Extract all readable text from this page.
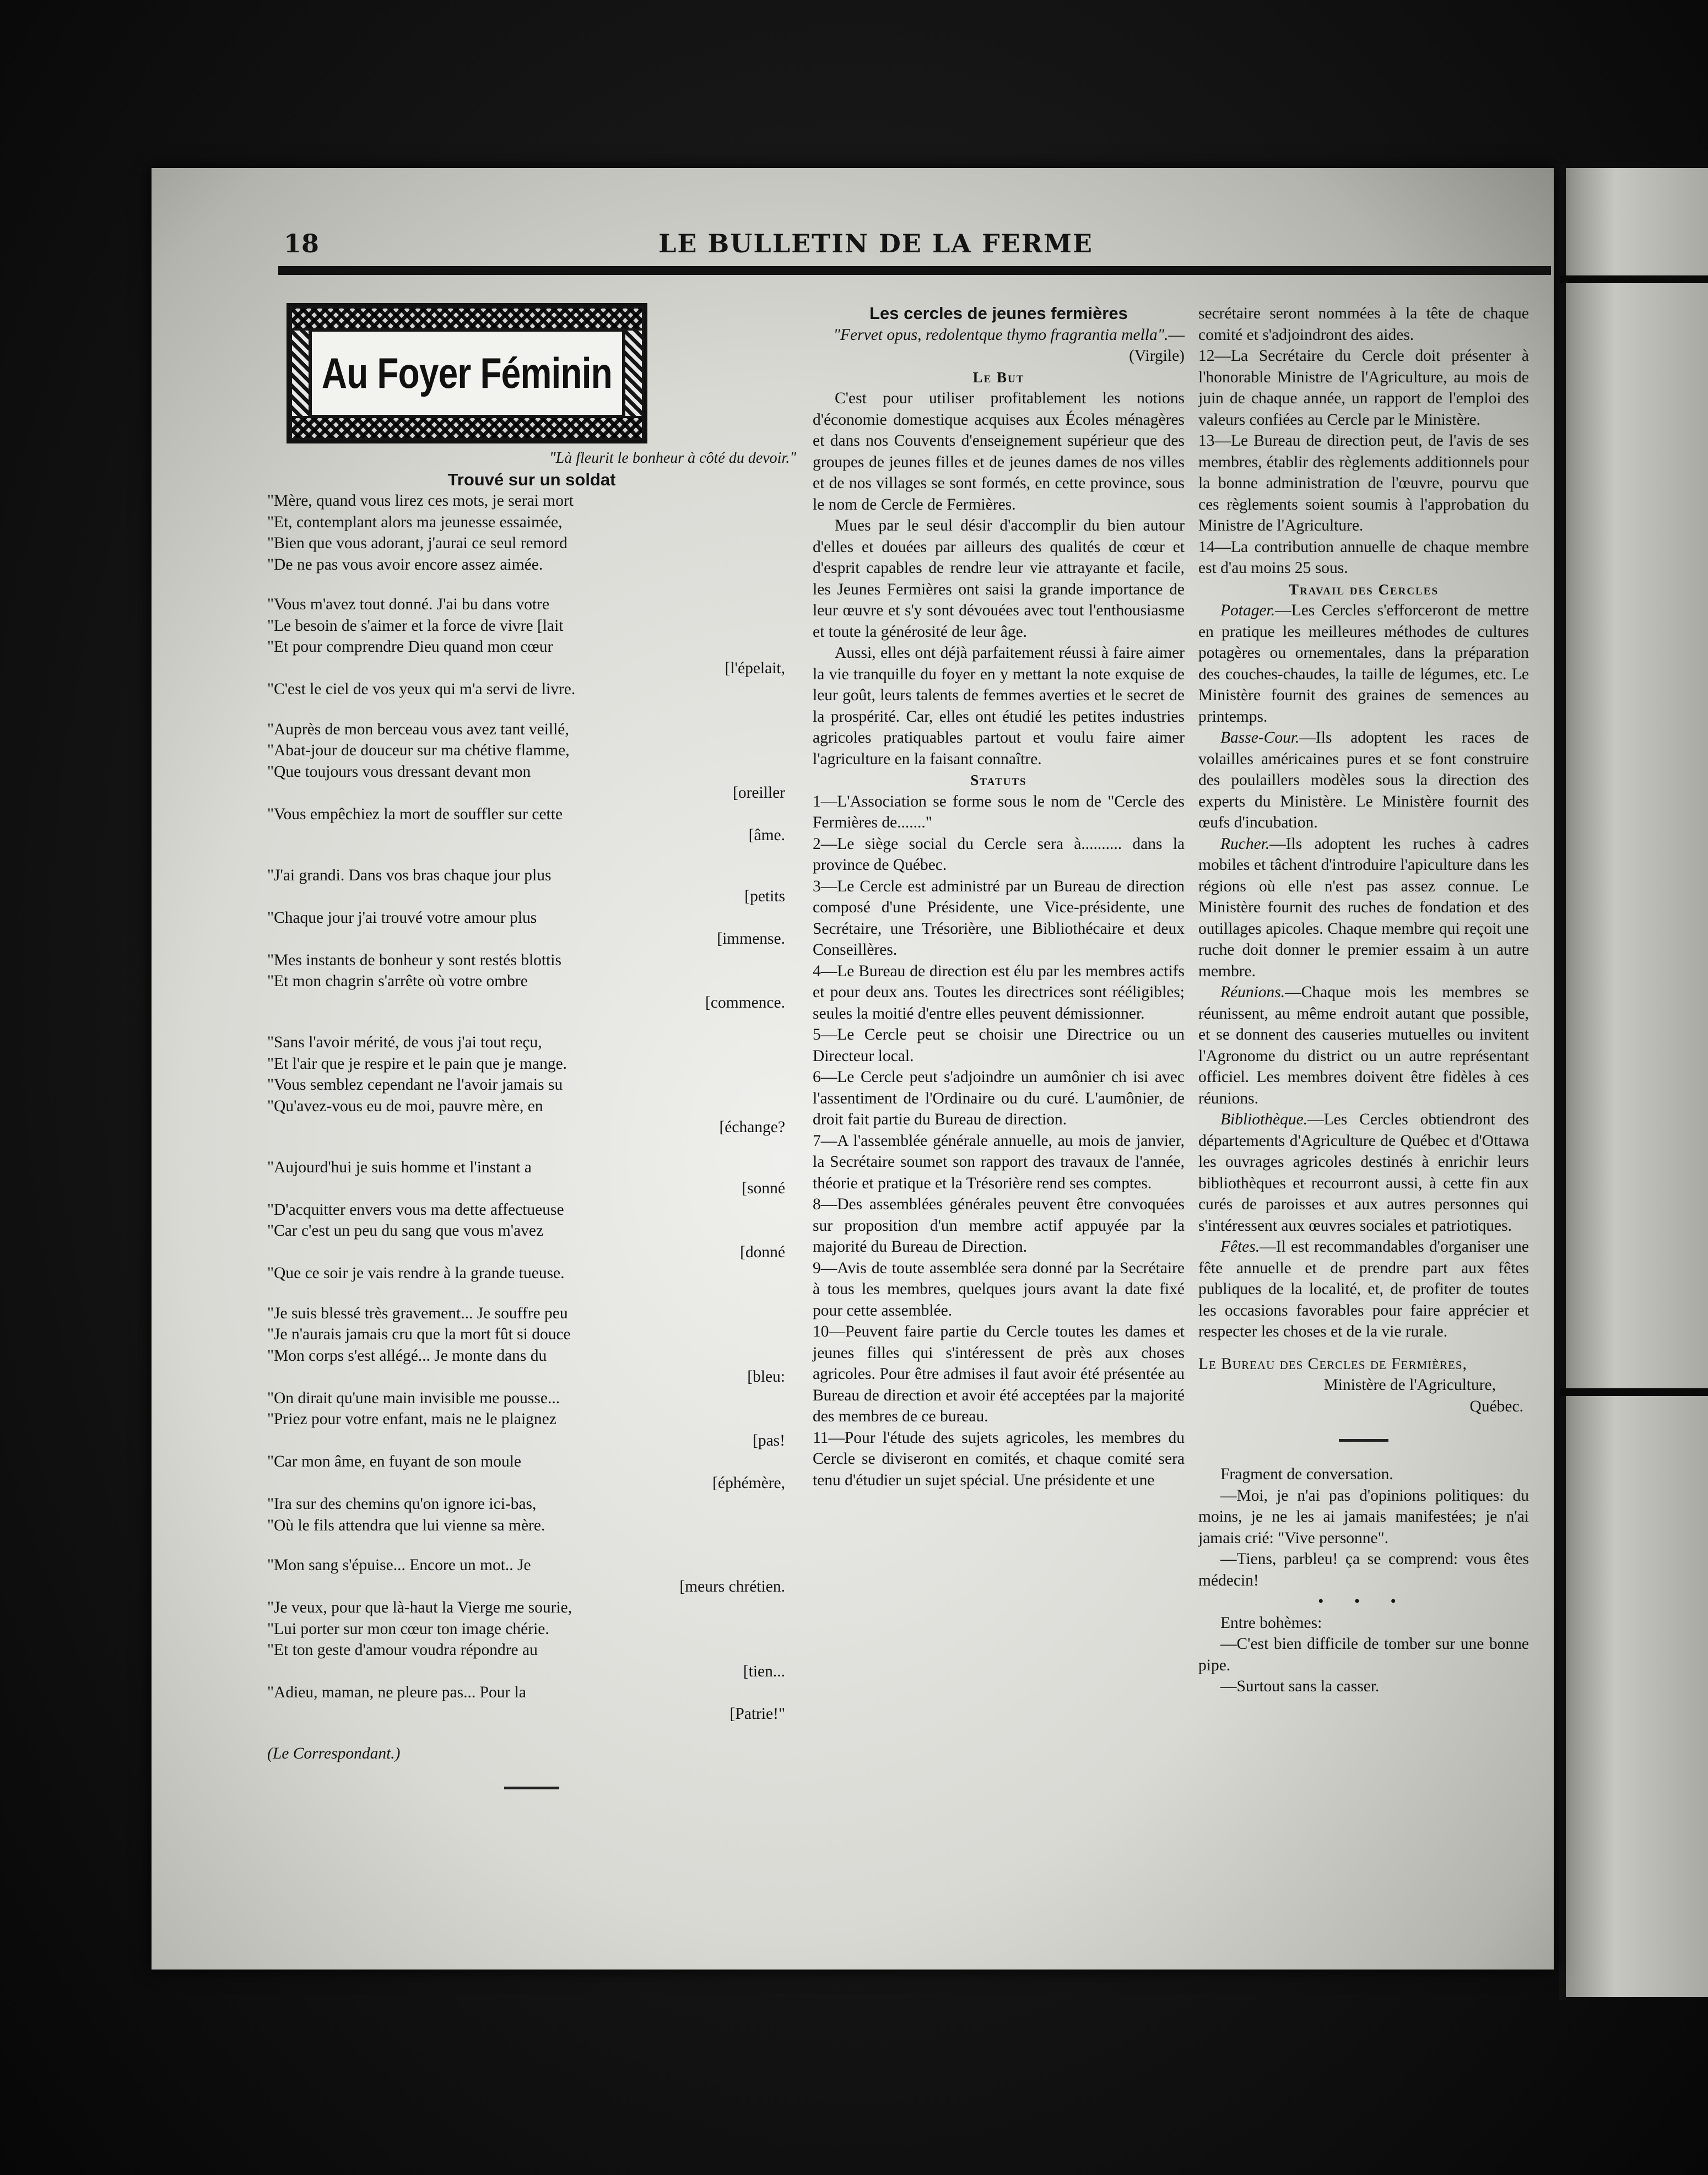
18	LE BULLETIN DE LA FERME
Au Foyer Féminin

"Là fleurit le bonheur à côté du devoir."

Trouvé sur un soldat

"Mère, quand vous lirez ces mots, je serai mort
"Et, contemplant alors ma jeunesse essaimée,
"Bien que vous adorant, j'aurai ce seul remord
"De ne pas vous avoir encore assez aimée.
"Vous m'avez tout donné. J'ai bu dans votre
"Le besoin de s'aimer et la force de vivre [lait
"Et pour comprendre Dieu quand mon cœur
[l'épelait,
"C'est le ciel de vos yeux qui m'a servi de livre.
"Auprès de mon berceau vous avez tant veillé,
"Abat-jour de douceur sur ma chétive flamme,
"Que toujours vous dressant devant mon
[oreiller
"Vous empêchiez la mort de souffler sur cette
[âme.
"J'ai grandi. Dans vos bras chaque jour plus
[petits
"Chaque jour j'ai trouvé votre amour plus
[immense.
"Mes instants de bonheur y sont restés blottis
"Et mon chagrin s'arrête où votre ombre
[commence.
"Sans l'avoir mérité, de vous j'ai tout reçu,
"Et l'air que je respire et le pain que je mange.
"Vous semblez cependant ne l'avoir jamais su
"Qu'avez-vous eu de moi, pauvre mère, en
[échange?
"Aujourd'hui je suis homme et l'instant a
[sonné
"D'acquitter envers vous ma dette affectueuse
"Car c'est un peu du sang que vous m'avez
[donné
"Que ce soir je vais rendre à la grande tueuse.
"Je suis blessé très gravement... Je souffre peu
"Je n'aurais jamais cru que la mort fût si douce
"Mon corps s'est allégé... Je monte dans du
[bleu:
"On dirait qu'une main invisible me pousse...
"Priez pour votre enfant, mais ne le plaignez
[pas!
"Car mon âme, en fuyant de son moule
[éphémère,
"Ira sur des chemins qu'on ignore ici-bas,
"Où le fils attendra que lui vienne sa mère.
"Mon sang s'épuise... Encore un mot.. Je
[meurs chrétien.
"Je veux, pour que là-haut la Vierge me sourie,
"Lui porter sur mon cœur ton image chérie.
"Et ton geste d'amour voudra répondre au
[tien...
"Adieu, maman, ne pleure pas... Pour la
[Patrie!"

(Le Correspondant.)

Les cercles de jeunes fermières

"Fervet opus, redolentque thymo fragrantia mella".—(Virgile)

Le But

C'est pour utiliser profitablement les notions d'économie domestique acquises aux Écoles ménagères et dans nos Couvents d'enseignement supérieur que des groupes de jeunes filles et de jeunes dames de nos villes et de nos villages se sont formés, en cette province, sous le nom de Cercle de Fermières.

Mues par le seul désir d'accomplir du bien autour d'elles et douées par ailleurs des qualités de cœur et d'esprit capables de rendre leur vie attrayante et facile, les Jeunes Fermières ont saisi la grande importance de leur œuvre et s'y sont dévouées avec tout l'enthousiasme et toute la générosité de leur âge.

Aussi, elles ont déjà parfaitement réussi à faire aimer la vie tranquille du foyer en y mettant la note exquise de leur goût, leurs talents de femmes averties et le secret de la prospérité. Car, elles ont étudié les petites industries agricoles pratiquables partout et voulu faire aimer l'agriculture en la faisant connaître.

Statuts

1—L'Association se forme sous le nom de "Cercle des Fermières de......."

2—Le siège social du Cercle sera à.......... dans la province de Québec.

3—Le Cercle est administré par un Bureau de direction composé d'une Présidente, une Vice-présidente, une Secrétaire, une Trésorière, une Bibliothécaire et deux Conseillères.

4—Le Bureau de direction est élu par les membres actifs et pour deux ans. Toutes les directrices sont rééligibles; seules la moitié d'entre elles peuvent démissionner.

5—Le Cercle peut se choisir une Directrice ou un Directeur local.

6—Le Cercle peut s'adjoindre un aumônier ch isi avec l'assentiment de l'Ordinaire ou du curé. L'aumônier, de droit fait partie du Bureau de direction.

7—A l'assemblée générale annuelle, au mois de janvier, la Secrétaire soumet son rapport des travaux de l'année, théorie et pratique et la Trésorière rend ses comptes.

8—Des assemblées générales peuvent être convoquées sur proposition d'un membre actif appuyée par la majorité du Bureau de Direction.

9—Avis de toute assemblée sera donné par la Secrétaire à tous les membres, quelques jours avant la date fixé pour cette assemblée.

10—Peuvent faire partie du Cercle toutes les dames et jeunes filles qui s'intéressent de près aux choses agricoles. Pour être admises il faut avoir été présentée au Bureau de direction et avoir été acceptées par la majorité des membres de ce bureau.

11—Pour l'étude des sujets agricoles, les membres du Cercle se diviseront en comités, et chaque comité sera tenu d'étudier un sujet spécial. Une présidente et une

secrétaire seront nommées à la tête de chaque comité et s'adjoindront des aides.

12—La Secrétaire du Cercle doit présenter à l'honorable Ministre de l'Agriculture, au mois de juin de chaque année, un rapport de l'emploi des valeurs confiées au Cercle par le Ministère.

13—Le Bureau de direction peut, de l'avis de ses membres, établir des règlements additionnels pour la bonne administration de l'œuvre, pourvu que ces règlements soient soumis à l'approbation du Ministre de l'Agriculture.

14—La contribution annuelle de chaque membre est d'au moins 25 sous.

Travail des Cercles

Potager.—Les Cercles s'efforceront de mettre en pratique les meilleures méthodes de cultures potagères ou ornementales, dans la préparation des couches-chaudes, la taille de légumes, etc. Le Ministère fournit des graines de semences au printemps.

Basse-Cour.—Ils adoptent les races de volailles américaines pures et se font construire des poulaillers modèles sous la direction des experts du Ministère. Le Ministère fournit des œufs d'incubation.

Rucher.—Ils adoptent les ruches à cadres mobiles et tâchent d'introduire l'apiculture dans les régions où elle n'est pas assez connue. Le Ministère fournit des ruches de fondation et des outillages apicoles. Chaque membre qui reçoit une ruche doit donner le premier essaim à un autre membre.

Réunions.—Chaque mois les membres se réunissent, au même endroit autant que possible, et se donnent des causeries mutuelles ou invitent l'Agronome du district ou un autre représentant officiel. Les membres doivent être fidèles à ces réunions.

Bibliothèque.—Les Cercles obtiendront des départements d'Agriculture de Québec et d'Ottawa les ouvrages agricoles destinés à enrichir leurs bibliothèques et recourront aussi, à cette fin aux curés de paroisses et aux autres personnes qui s'intéressent aux œuvres sociales et patriotiques.

Fêtes.—Il est recommandables d'organiser une fête annuelle et de prendre part aux fêtes publiques de la localité, et, de profiter de toutes les occasions favorables pour faire apprécier et respecter les choses et de la vie rurale.

Le Bureau des Cercles de Fermières,

Ministère de l'Agriculture,

Québec.

Fragment de conversation.

—Moi, je n'ai pas d'opinions politiques: du moins, je ne les ai jamais manifestées; je n'ai jamais crié: "Vive personne".

—Tiens, parbleu! ça se comprend: vous êtes médecin!

• • •

Entre bohèmes:

—C'est bien difficile de tomber sur une bonne pipe.

—Surtout sans la casser.
